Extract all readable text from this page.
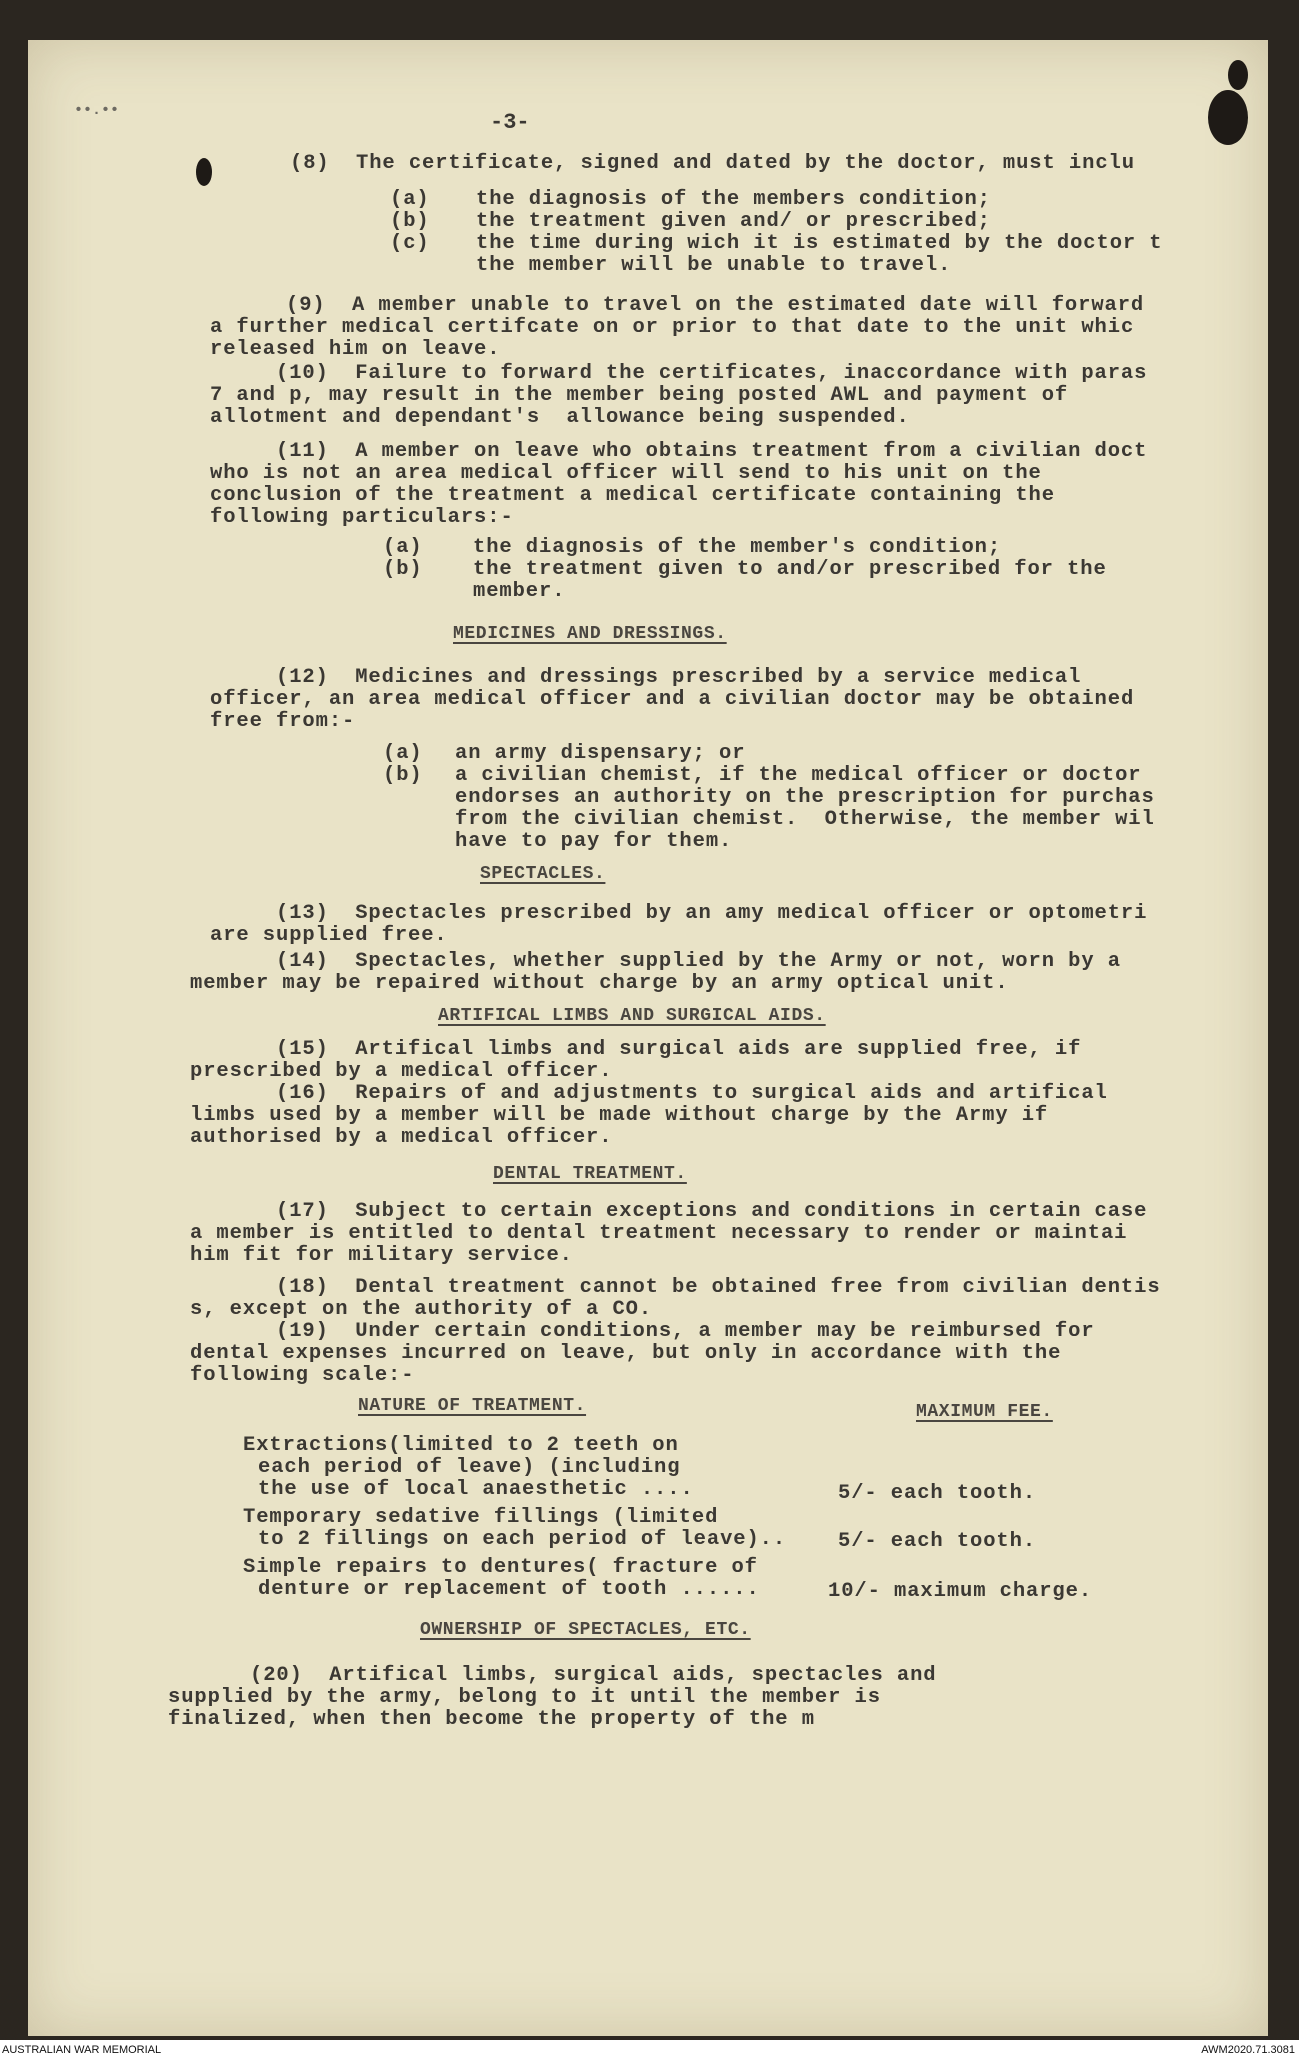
••.••	-3-
(8)  The certificate, signed and dated by the doctor, must inclu
(a) the diagnosis of the members condition;
(b) the treatment given and/ or prescribed;
(c) the time during wich it is estimated by the doctor t
the member will be unable to travel.
(9)  A member unable to travel on the estimated date will forward
a further medical certifcate on or prior to that date to the unit whic
released him on leave.
(10)  Failure to forward the certificates, inaccordance with paras
7 and p, may result in the member being posted AWL and payment of
allotment and dependant's  allowance being suspended.
(11)  A member on leave who obtains treatment from a civilian doct
who is not an area medical officer will send to his unit on the
conclusion of the treatment a medical certificate containing the
following particulars:-
(a) the diagnosis of the member's condition;
(b) the treatment given to and/or prescribed for the
member.
MEDICINES AND DRESSINGS.
(12)  Medicines and dressings prescribed by a service medical
officer, an area medical officer and a civilian doctor may be obtained
free from:-
(a) an army dispensary; or
(b) a civilian chemist, if the medical officer or doctor
endorses an authority on the prescription for purchas
from the civilian chemist.  Otherwise, the member wil
have to pay for them.
SPECTACLES.
(13)  Spectacles prescribed by an amy medical officer or optometri
are supplied free.
(14)  Spectacles, whether supplied by the Army or not, worn by a
member may be repaired without charge by an army optical unit.
ARTIFICAL LIMBS AND SURGICAL AIDS.
(15)  Artifical limbs and surgical aids are supplied free, if
prescribed by a medical officer.
(16)  Repairs of and adjustments to surgical aids and artifical
limbs used by a member will be made without charge by the Army if
authorised by a medical officer.
DENTAL TREATMENT.
(17)  Subject to certain exceptions and conditions in certain case
a member is entitled to dental treatment necessary to render or maintai
him fit for military service.
(18)  Dental treatment cannot be obtained free from civilian dentis
s, except on the authority of a CO.
(19)  Under certain conditions, a member may be reimbursed for
dental expenses incurred on leave, but only in accordance with the
following scale:-
NATURE OF TREATMENT.	MAXIMUM FEE.
Extractions(limited to 2 teeth on
each period of leave) (including
the use of local anaesthetic ....	5/- each tooth.
Temporary sedative fillings (limited
to 2 fillings on each period of leave)..	5/- each tooth.
Simple repairs to dentures( fracture of
denture or replacement of tooth ......	10/- maximum charge.
OWNERSHIP OF SPECTACLES, ETC.
(20)  Artifical limbs, surgical aids, spectacles and
supplied by the army, belong to it until the member is
finalized, when then become the property of the m
AUSTRALIAN WAR MEMORIAL	AWM2020.71.3081
